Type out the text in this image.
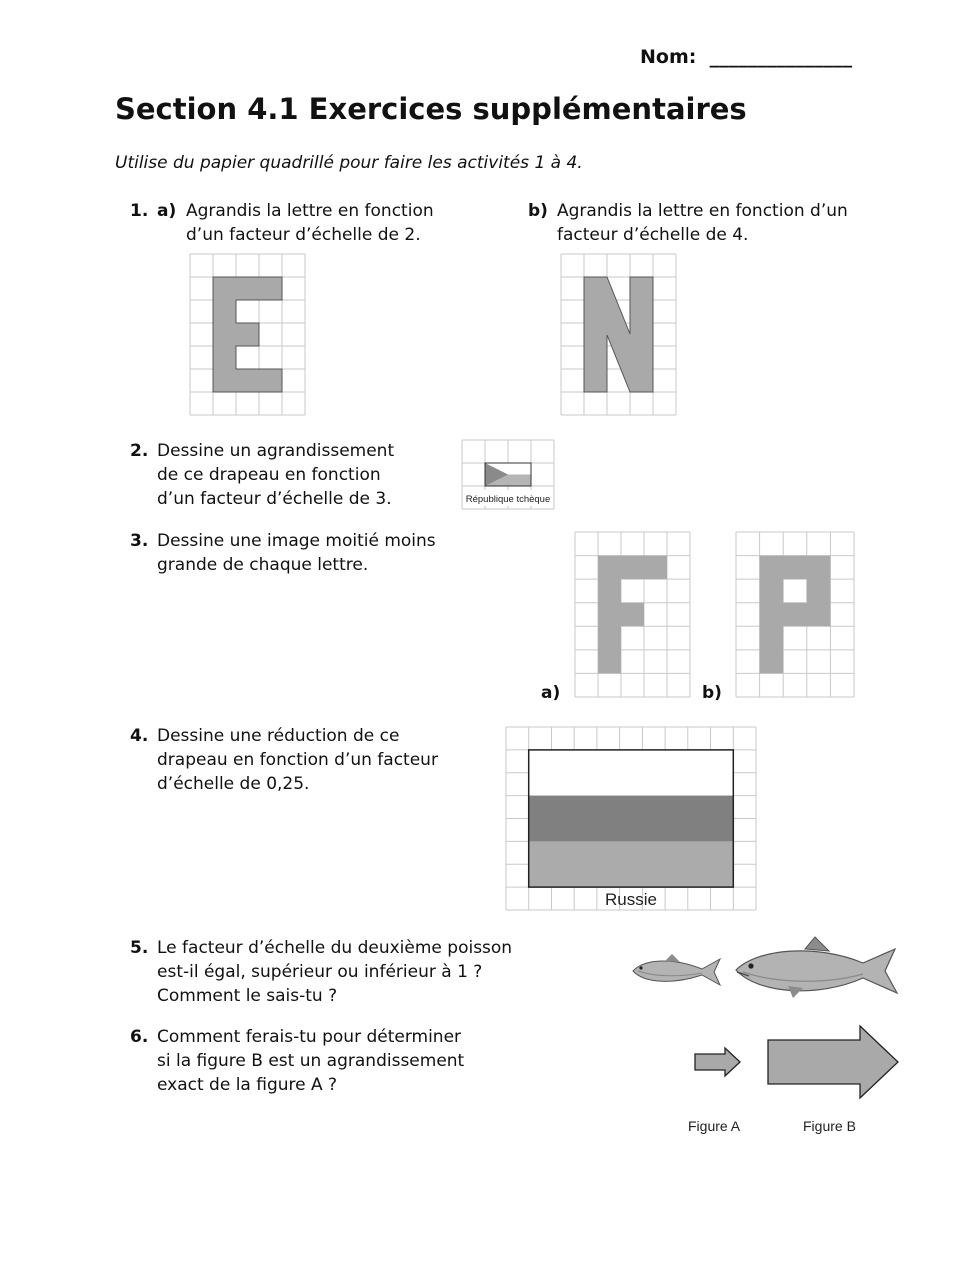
Nom:  _______________
Section 4.1 Exercices supplémentaires
Utilise du papier quadrillé pour faire les activités 1 à 4.
1. a) Agrandis la lettre en fonction
d’un facteur d’échelle de 2.
b) Agrandis la lettre en fonction d’un
facteur d’échelle de 4.
2. Dessine un agrandissement
de ce drapeau en fonction
d’un facteur d’échelle de 3.	République tchèque
3. Dessine une image moitié moins
grande de chaque lettre.
a)	b)
4. Dessine une réduction de ce
drapeau en fonction d’un facteur
d’échelle de 0,25.
Russie
5. Le facteur d’échelle du deuxième poisson
est-il égal, supérieur ou inférieur à 1 ?
Comment le sais-tu ?
6. Comment ferais-tu pour déterminer
si la figure B est un agrandissement
exact de la figure A ?
Figure A	Figure B
